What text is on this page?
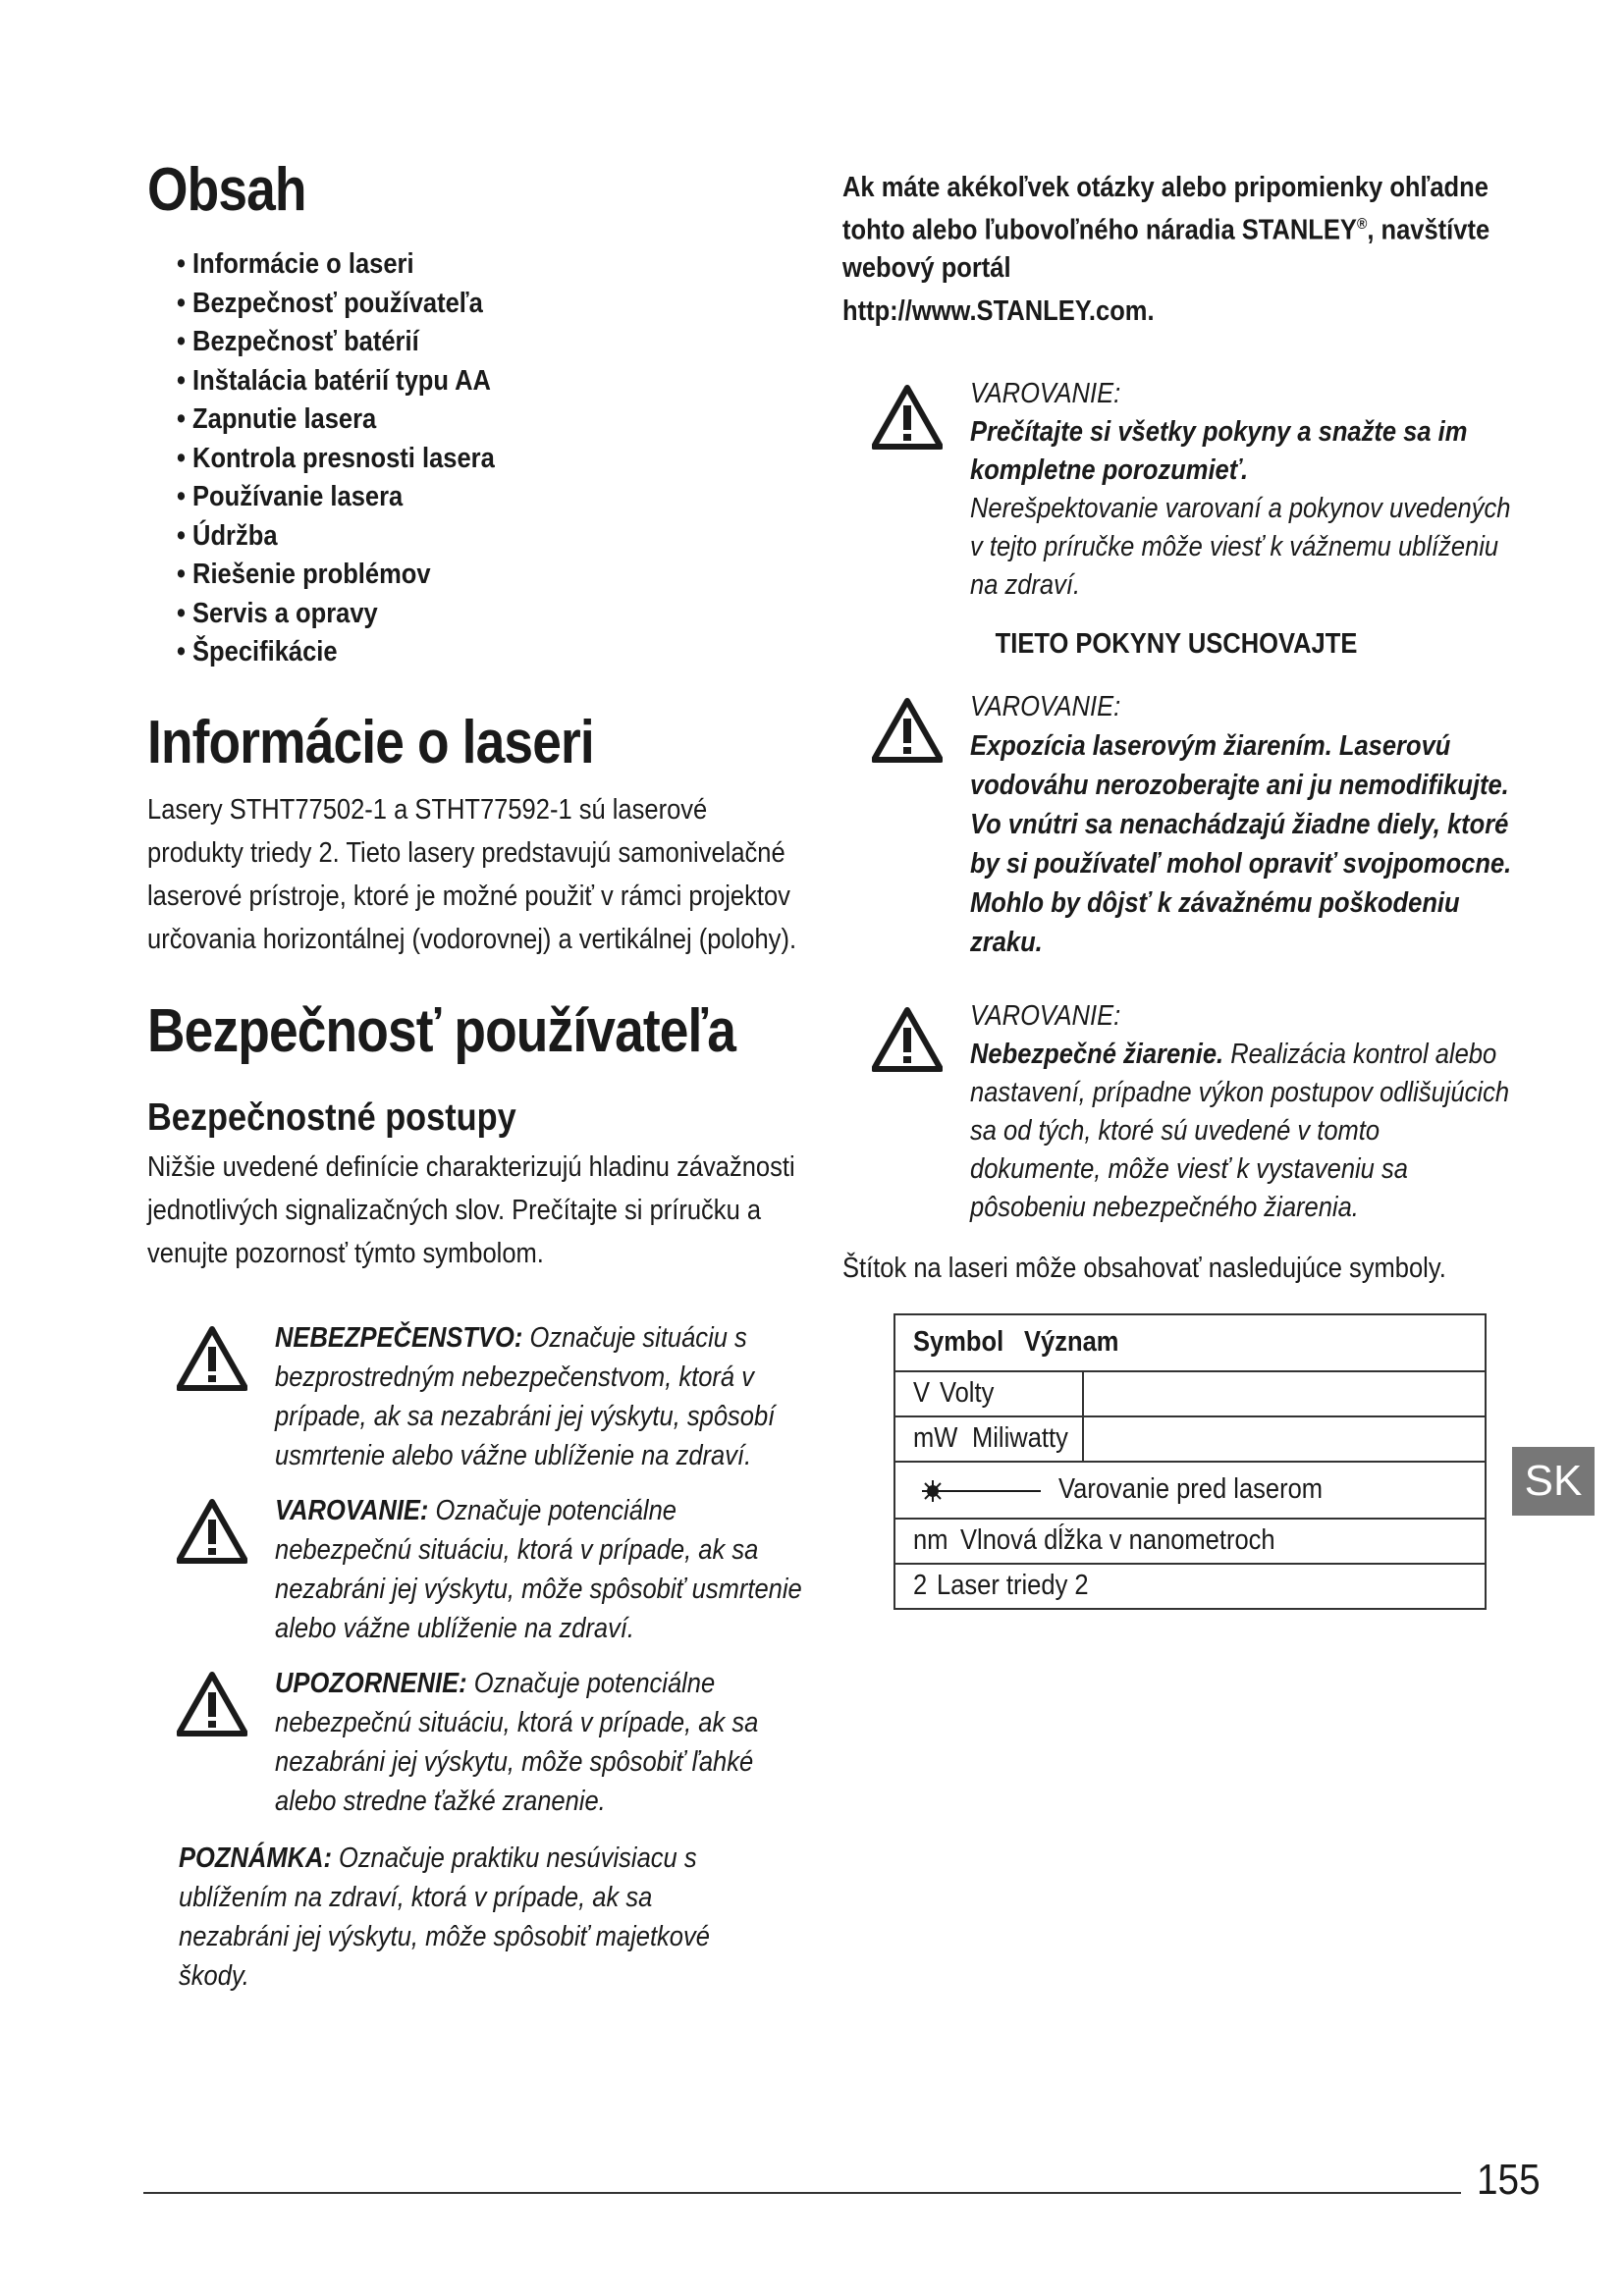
Obsah
• Informácie o laseri
• Bezpečnosť používateľa
• Bezpečnosť batérií
• Inštalácia batérií typu AA
• Zapnutie lasera
• Kontrola presnosti lasera
• Používanie lasera
• Údržba
• Riešenie problémov
• Servis a opravy
• Špecifikácie
Informácie o laseri

Lasery STHT77502-1 a STHT77592-1 sú laserové produkty triedy 2. Tieto lasery predstavujú samonivelačné laserové prístroje, ktoré je možné použiť v rámci projektov určovania horizontálnej (vodorovnej) a vertikálnej (polohy).

Bezpečnosť používateľa
Bezpečnostné postupy

Nižšie uvedené definície charakterizujú hladinu závažnosti jednotlivých signalizačných slov. Prečítajte si príručku a venujte pozornosť týmto symbolom.

NEBEZPEČENSTVO: Označuje situáciu s bezprostredným nebezpečenstvom, ktorá v prípade, ak sa nezabráni jej výskytu, spôsobí usmrtenie alebo vážne ublíženie na zdraví.

VAROVANIE: Označuje potenciálne nebezpečnú situáciu, ktorá v prípade, ak sa nezabráni jej výskytu, môže spôsobiť usmrtenie alebo vážne ublíženie na zdraví.

UPOZORNENIE: Označuje potenciálne nebezpečnú situáciu, ktorá v prípade, ak sa nezabráni jej výskytu, môže spôsobiť ľahké alebo stredne ťažké zranenie.

POZNÁMKA: Označuje praktiku nesúvisiacu s ublížením na zdraví, ktorá v prípade, ak sa nezabráni jej výskytu, môže spôsobiť majetkové škody.

Ak máte akékoľvek otázky alebo pripomienky ohľadne tohto alebo ľubovoľného náradia STANLEY®, navštívte webový portál

http://www.STANLEY.com.

VAROVANIE:

Prečítajte si všetky pokyny a snažte sa im kompletne porozumieť.

Nerešpektovanie varovaní a pokynov uvedených v tejto príručke môže viesť k vážnemu ublíženiu na zdraví.

TIETO POKYNY USCHOVAJTE

VAROVANIE:

Expozícia laserovým žiarením. Laserovú vodováhu nerozoberajte ani ju nemodifikujte. Vo vnútri sa nenachádzajú žiadne diely, ktoré by si používateľ mohol opraviť svojpomocne. Mohlo by dôjsť k závažnému poškodeniu zraku.

VAROVANIE:

Nebezpečné žiarenie. Realizácia kontrol alebo nastavení, prípadne výkon postupov odlišujúcich sa od tých, ktoré sú uvedené v tomto dokumente, môže viesť k vystaveniu sa pôsobeniu nebezpečného žiarenia.

Štítok na laseri môže obsahovať nasledujúce symboly.

Symbol Význam	
V Volty	
mW Miliwatty	
Varovanie pred laserom	
nm Vlnová dĺžka v nanometroch	
2 Laser triedy 2	
SK
155
